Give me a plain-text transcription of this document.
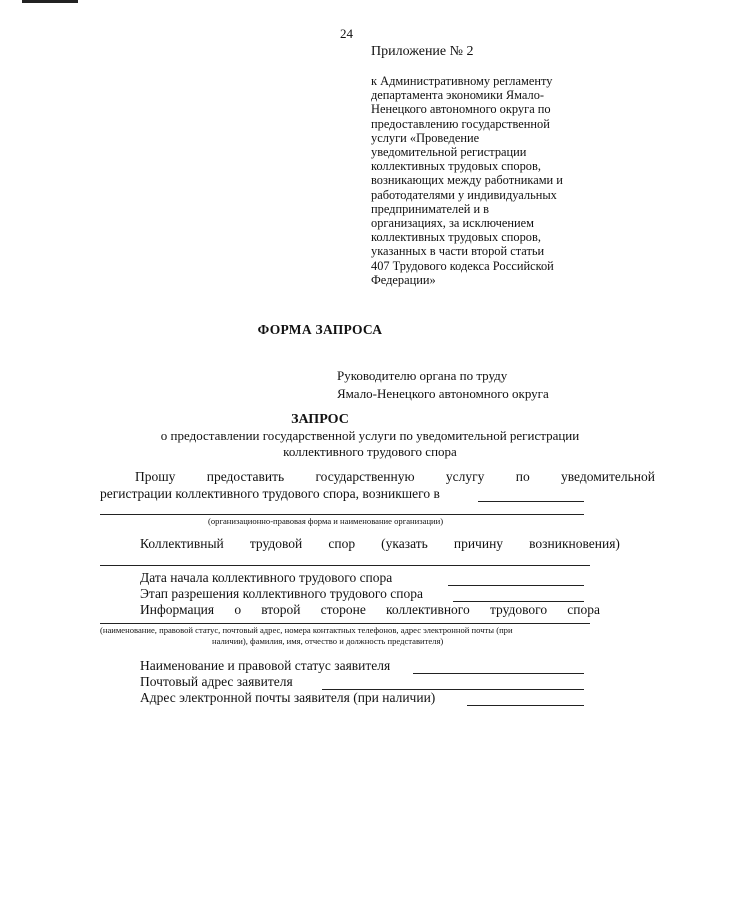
24
Приложение № 2
к Административному регламенту
департамента экономики Ямало-
Ненецкого автономного округа по
предоставлению государственной
услуги «Проведение
уведомительной регистрации
коллективных трудовых споров,
возникающих между работниками и
работодателями у индивидуальных
предпринимателей и в
организациях, за исключением
коллективных трудовых споров,
указанных в части второй статьи
407 Трудового кодекса Российской
Федерации»
ФОРМА ЗАПРОСА
Руководителю органа по труду
Ямало-Ненецкого автономного округа
ЗАПРОС
о предоставлении государственной услуги по уведомительной регистрации
коллективного трудового спора
Прошу предоставить государственную услугу по уведомительной
регистрации коллективного трудового спора, возникшего в
(организационно-правовая форма и наименование организации)
Коллективный трудовой спор (указать причину возникновения)
Дата начала коллективного трудового спора
Этап разрешения коллективного трудового спора
Информация о второй стороне коллективного трудового спора
(наименование, правовой статус, почтовый адрес, номера контактных телефонов, адрес электронной почты (при
наличии), фамилия, имя, отчество и должность представителя)
Наименование и правовой статус заявителя
Почтовый адрес заявителя
Адрес электронной почты заявителя (при наличии)
